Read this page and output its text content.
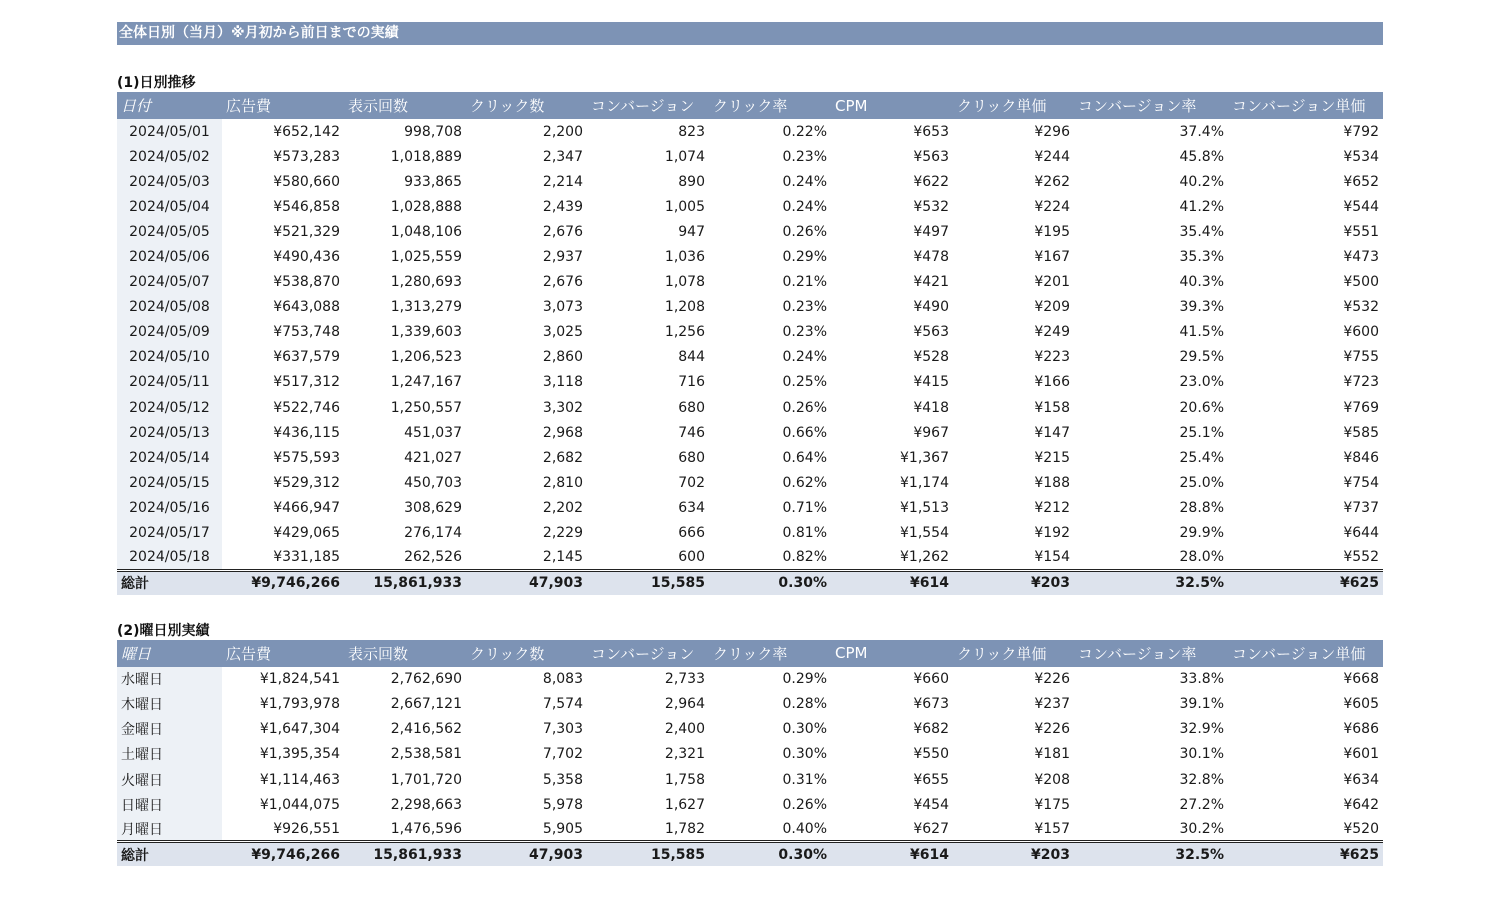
全体日別（当月）※月初から前日までの実績
(1)日別推移
日付	広告費	表示回数	クリック数	コンバージョン	クリック率	CPM	クリック単価	コンバージョン率	コンバージョン単価
2024/05/01	¥652,142	998,708	2,200	823	0.22%	¥653	¥296	37.4%	¥792
2024/05/02	¥573,283	1,018,889	2,347	1,074	0.23%	¥563	¥244	45.8%	¥534
2024/05/03	¥580,660	933,865	2,214	890	0.24%	¥622	¥262	40.2%	¥652
2024/05/04	¥546,858	1,028,888	2,439	1,005	0.24%	¥532	¥224	41.2%	¥544
2024/05/05	¥521,329	1,048,106	2,676	947	0.26%	¥497	¥195	35.4%	¥551
2024/05/06	¥490,436	1,025,559	2,937	1,036	0.29%	¥478	¥167	35.3%	¥473
2024/05/07	¥538,870	1,280,693	2,676	1,078	0.21%	¥421	¥201	40.3%	¥500
2024/05/08	¥643,088	1,313,279	3,073	1,208	0.23%	¥490	¥209	39.3%	¥532
2024/05/09	¥753,748	1,339,603	3,025	1,256	0.23%	¥563	¥249	41.5%	¥600
2024/05/10	¥637,579	1,206,523	2,860	844	0.24%	¥528	¥223	29.5%	¥755
2024/05/11	¥517,312	1,247,167	3,118	716	0.25%	¥415	¥166	23.0%	¥723
2024/05/12	¥522,746	1,250,557	3,302	680	0.26%	¥418	¥158	20.6%	¥769
2024/05/13	¥436,115	451,037	2,968	746	0.66%	¥967	¥147	25.1%	¥585
2024/05/14	¥575,593	421,027	2,682	680	0.64%	¥1,367	¥215	25.4%	¥846
2024/05/15	¥529,312	450,703	2,810	702	0.62%	¥1,174	¥188	25.0%	¥754
2024/05/16	¥466,947	308,629	2,202	634	0.71%	¥1,513	¥212	28.8%	¥737
2024/05/17	¥429,065	276,174	2,229	666	0.81%	¥1,554	¥192	29.9%	¥644
2024/05/18	¥331,185	262,526	2,145	600	0.82%	¥1,262	¥154	28.0%	¥552
総計	¥9,746,266	15,861,933	47,903	15,585	0.30%	¥614	¥203	32.5%	¥625
(2)曜日別実績
曜日	広告費	表示回数	クリック数	コンバージョン	クリック率	CPM	クリック単価	コンバージョン率	コンバージョン単価
水曜日	¥1,824,541	2,762,690	8,083	2,733	0.29%	¥660	¥226	33.8%	¥668
木曜日	¥1,793,978	2,667,121	7,574	2,964	0.28%	¥673	¥237	39.1%	¥605
金曜日	¥1,647,304	2,416,562	7,303	2,400	0.30%	¥682	¥226	32.9%	¥686
土曜日	¥1,395,354	2,538,581	7,702	2,321	0.30%	¥550	¥181	30.1%	¥601
火曜日	¥1,114,463	1,701,720	5,358	1,758	0.31%	¥655	¥208	32.8%	¥634
日曜日	¥1,044,075	2,298,663	5,978	1,627	0.26%	¥454	¥175	27.2%	¥642
月曜日	¥926,551	1,476,596	5,905	1,782	0.40%	¥627	¥157	30.2%	¥520
総計	¥9,746,266	15,861,933	47,903	15,585	0.30%	¥614	¥203	32.5%	¥625
